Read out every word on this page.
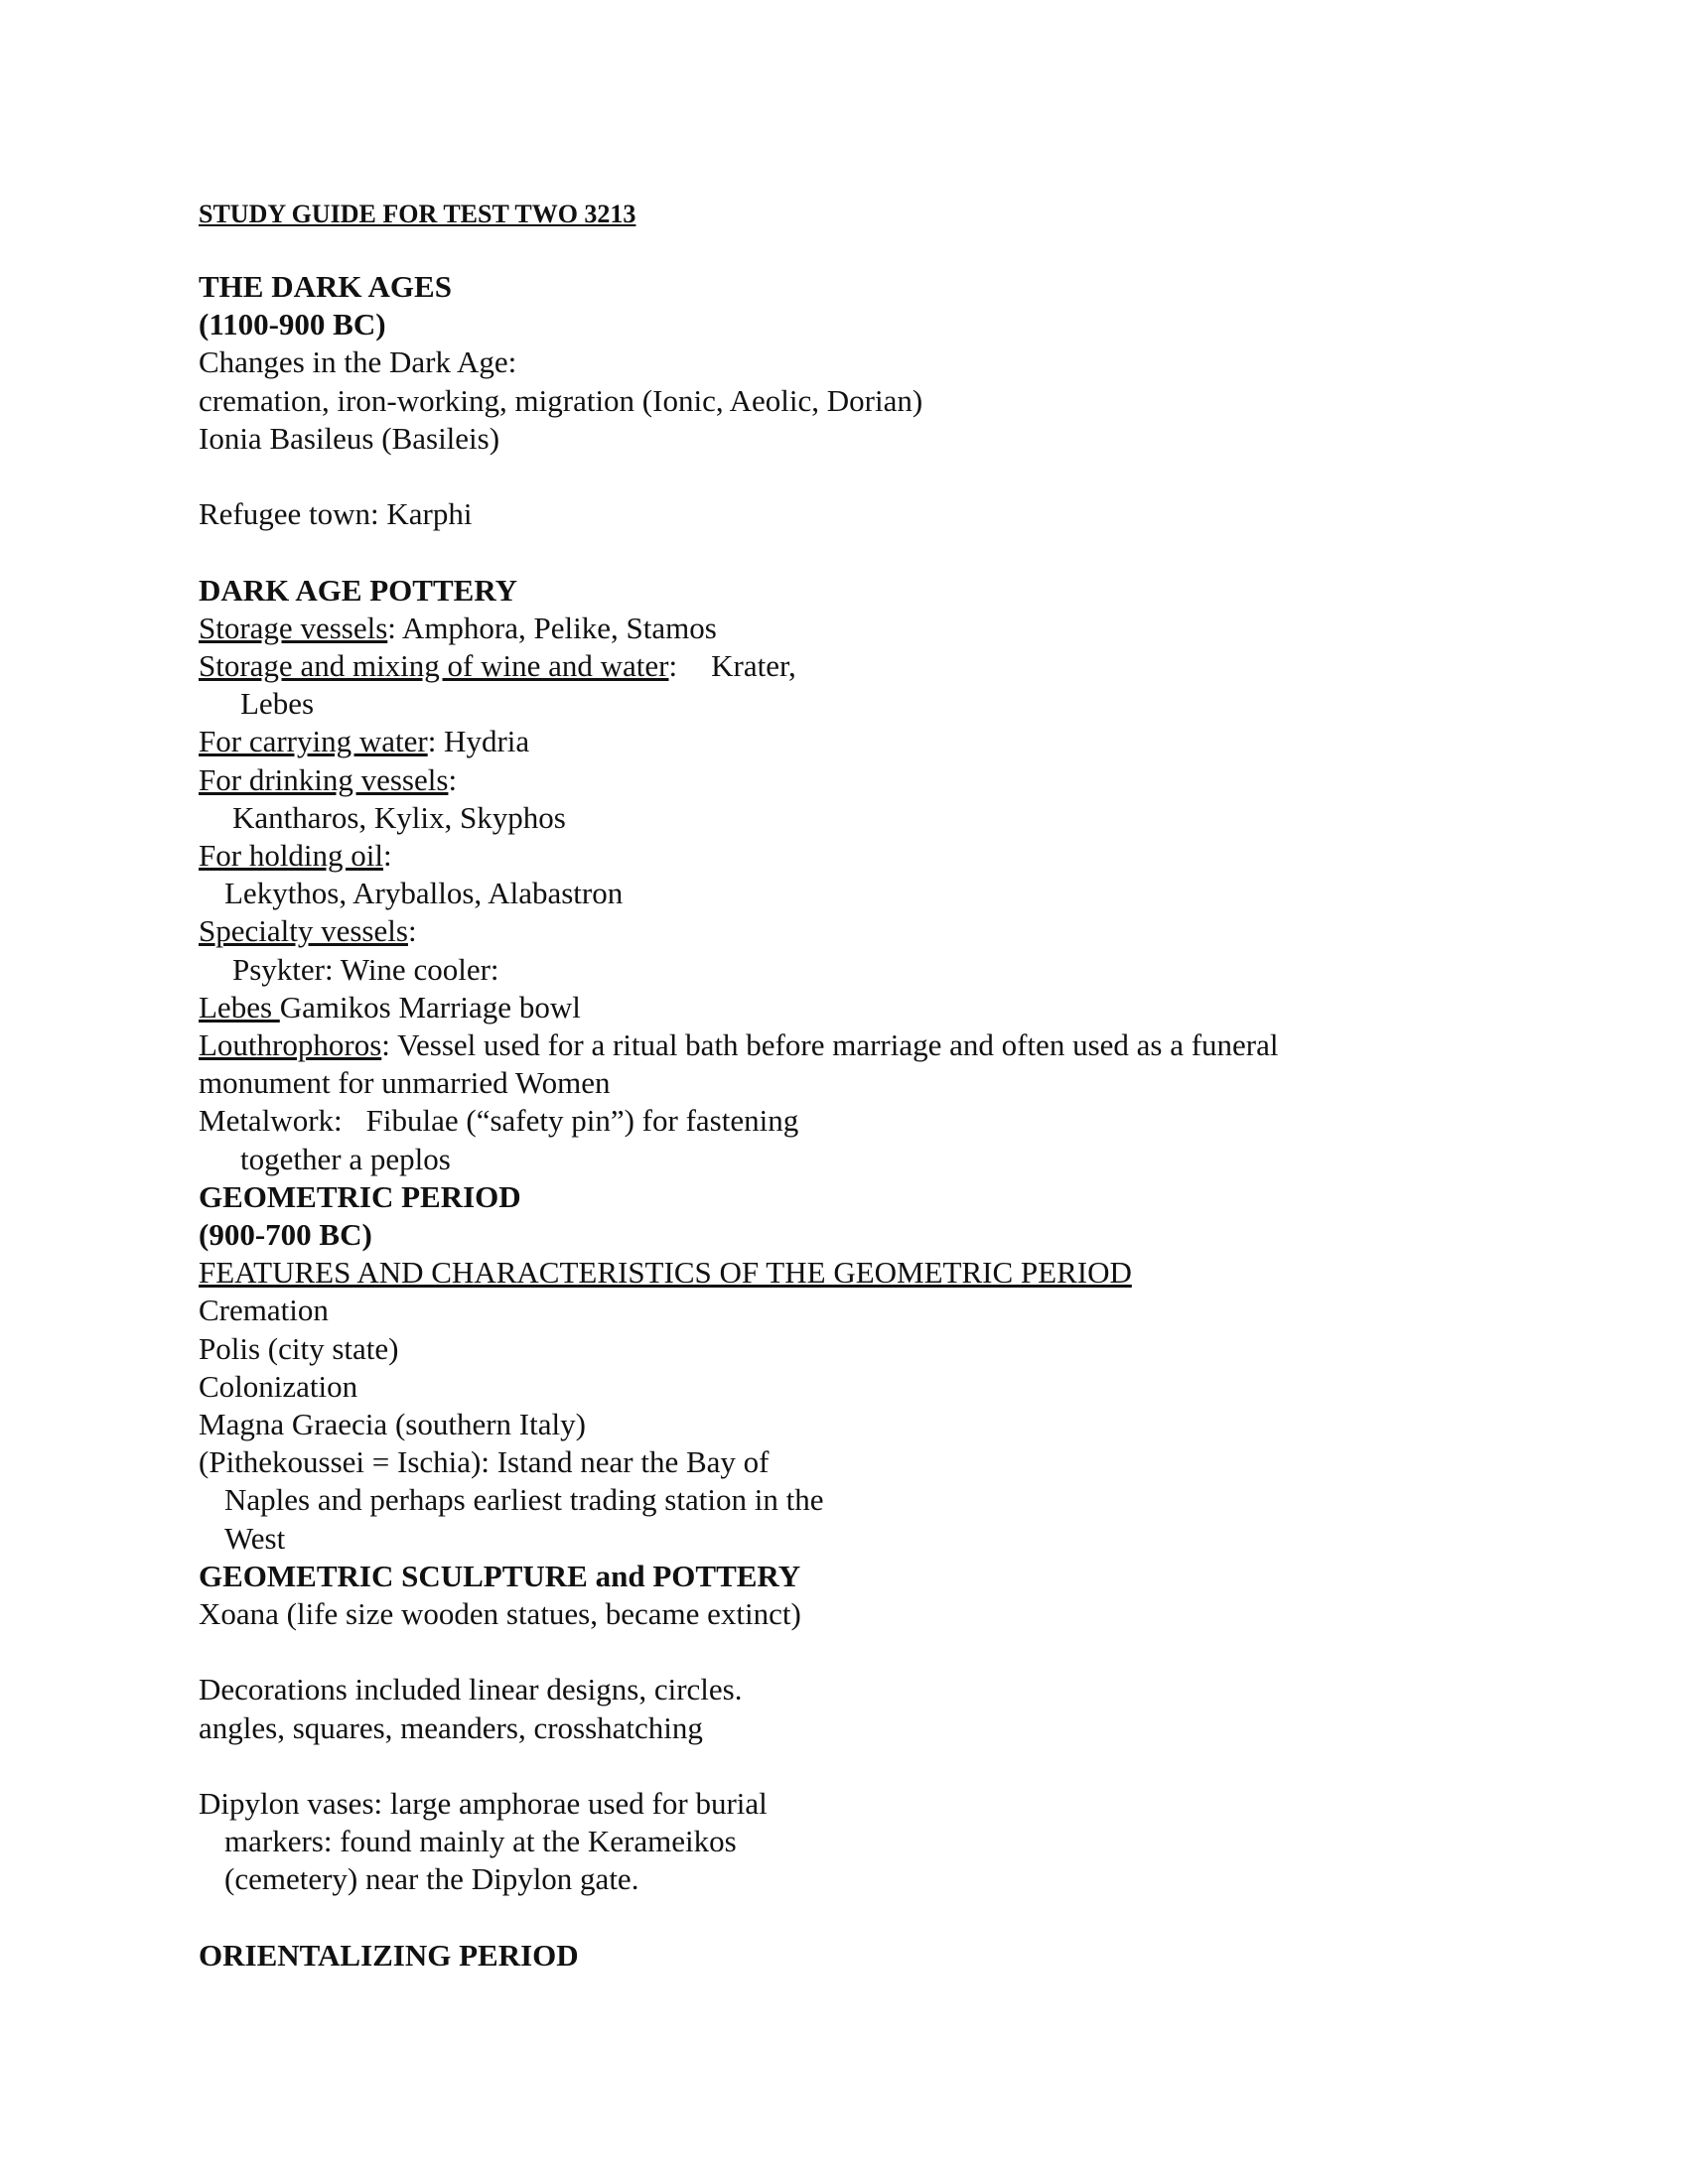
STUDY GUIDE FOR TEST TWO 3213

THE DARK AGES

(1100-900 BC)

Changes in the Dark Age:

cremation, iron-working, migration (Ionic, Aeolic, Dorian)

Ionia Basileus (Basileis)

Refugee town: Karphi

DARK AGE POTTERY

Storage vessels: Amphora, Pelike, Stamos

Storage and mixing of wine and water: Krater,

Lebes

For carrying water: Hydria

For drinking vessels:

Kantharos, Kylix, Skyphos

For holding oil:

Lekythos, Aryballos, Alabastron

Specialty vessels:

Psykter: Wine cooler:

Lebes Gamikos Marriage bowl

Louthrophoros: Vessel used for a ritual bath before marriage and often used as a funeral

monument for unmarried Women

Metalwork: Fibulae (“safety pin”) for fastening

together a peplos

GEOMETRIC PERIOD

(900-700 BC)

FEATURES AND CHARACTERISTICS OF THE GEOMETRIC PERIOD

Cremation

Polis (city state)

Colonization

Magna Graecia (southern Italy)

(Pithekoussei = Ischia): Istand near the Bay of

Naples and perhaps earliest trading station in the

West

GEOMETRIC SCULPTURE and POTTERY

Xoana (life size wooden statues, became extinct)

Decorations included linear designs, circles.

angles, squares, meanders, crosshatching

Dipylon vases: large amphorae used for burial

markers: found mainly at the Kerameikos

(cemetery) near the Dipylon gate.

ORIENTALIZING PERIOD
